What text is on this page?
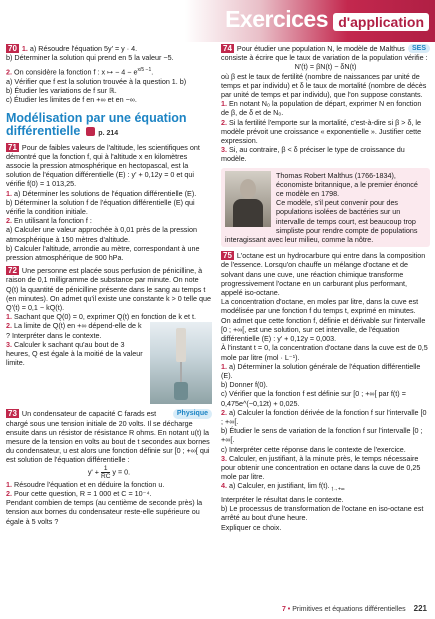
Exercices d'application

70 1. a) Résoudre l'équation 5y' = y · 4.

b) Déterminer la solution qui prend en 5 la valeur −5.

2. On considère la fonction f : x ↦ − $4 - e^{x/5 -1}$.

a) Vérifier que f est la solution trouvée à la question 1. b)

b) Étudier les variations de f sur ℝ.

c) Étudier les limites de f en +∞ et en −∞.

Modélisation par une équation différentielle	p. 214

71 Pour de faibles valeurs de l'altitude, les scientifiques ont démontré que la fonction f, qui à l'altitude x en kilomètres associe la pression atmosphérique en hectopascal, est la solution de l'équation différentielle (E) : y' + 0,12y = 0 et qui vérifie f(0) = 1 013,25.

1. a) Déterminer les solutions de l'équation différentielle (E).

b) Déterminer la solution f de l'équation différentielle (E) qui vérifie la condition initiale.

2. En utilisant la fonction f :

a) Calculer une valeur approchée à 0,01 près de la pression atmosphérique à 150 mètres d'altitude.

b) Calculer l'altitude, arrondie au mètre, correspondant à une pression atmosphérique de 900 hPa.

72 Une personne est placée sous perfusion de pénicilline, à raison de 0,1 milligramme de substance par minute. On note Q(t) la quantité de pénicilline présente dans le sang au temps t (en minutes). On admet qu'il existe une constante k > 0 telle que Q'(t) = 0,1 − kQ(t).

1. Sachant que Q(0) = 0, exprimer Q(t) en fonction de k et t.

2. La limite de Q(t) en +∞ dépend-elle de k ? Interpréter dans le contexte.

3. Calculer k sachant qu'au bout de 3 heures, Q est égale à la moitié de la valeur limite.

73	Physique
Un condensateur de capacité C farads est chargé sous une tension initiale de 20 volts. Il se décharge ensuite dans un résistor de résistance R ohms. En notant u(t) la mesure de la tension en volts au bout de t secondes aux bornes du condensateur, u est alors une fonction définie sur [0 ; +∞[ qui est solution de l'équation différentielle :

$y' + \frac{1}{RC}$ y = 0.

1. Résoudre l'équation et en déduire la fonction u.

2. Pour cette question, R = 1 000 et C = 10⁻⁴.

Pendant combien de temps (au centième de seconde près) la tension aux bornes du condensateur reste-elle supérieure ou égale à 5 volts ?

74	SES
Pour étudier une population N, le modèle de Malthus consiste à écrire que le taux de variation de la population vérifie :

N'(t) = βN(t) − δN(t)

où β est le taux de fertilité (nombre de naissances par unité de temps et par individu) et δ le taux de mortalité (nombre de décès par unité de temps et par individu), que l'on suppose constants.

1. En notant N₀ la population de départ, exprimer N en fonction de β, de δ et de N₀.

2. Si la fertilité l'emporte sur la mortalité, c'est-à-dire si β > δ, le modèle prévoit une croissance « exponentielle ». Justifier cette expression.

3. Si, au contraire, β < δ préciser le type de croissance du modèle.

Thomas Robert Malthus (1766-1834), économiste britannique, a le premier énoncé ce modèle en 1798.

Ce modèle, s'il peut convenir pour des populations isolées de bactéries sur un intervalle de temps court, est beaucoup trop simpliste pour rendre compte de populations interagissant avec leur milieu, comme la nôtre.

75 L'octane est un hydrocarbure qui entre dans la composition de l'essence. Lorsqu'on chauffe un mélange d'octane et de solvant dans une cuve, une réaction chimique transforme progressivement l'octane en un carburant plus performant, appelé iso-octane.

La concentration d'octane, en moles par litre, dans la cuve est modélisée par une fonction f du temps t, exprimé en minutes.

On admet que cette fonction f, définie et dérivable sur l'intervalle [0 ; +∞[, est une solution, sur cet intervalle, de l'équation différentielle (E) : y' + 0,12y = 0,003.

À l'instant t = 0, la concentration d'octane dans la cuve est de 0,5 mole par litre (mol · L⁻¹).

1. a) Déterminer la solution générale de l'équation différentielle (E).

b) Donner f(0).

c) Vérifier que la fonction f est définie sur [0 ; +∞[ par f(t) = 0,475e^(−0,12t) + 0,025.

2. a) Calculer la fonction dérivée de la fonction f sur l'intervalle [0 ; +∞[.

b) Étudier le sens de variation de la fonction f sur l'intervalle [0 ; +∞[.

c) Interpréter cette réponse dans le contexte de l'exercice.

3. Calculer, en justifiant, à la minute près, le temps nécessaire pour obtenir une concentration en octane dans la cuve de 0,25 mole par litre.

4. a) Calculer, en justifiant, lim f(t). $_{t\to+\infty}$

Interpréter le résultat dans le contexte.

b) Le processus de transformation de l'octane en iso-octane est arrêté au bout d'une heure.

Expliquer ce choix.

7 • Primitives et équations différentielles 221
